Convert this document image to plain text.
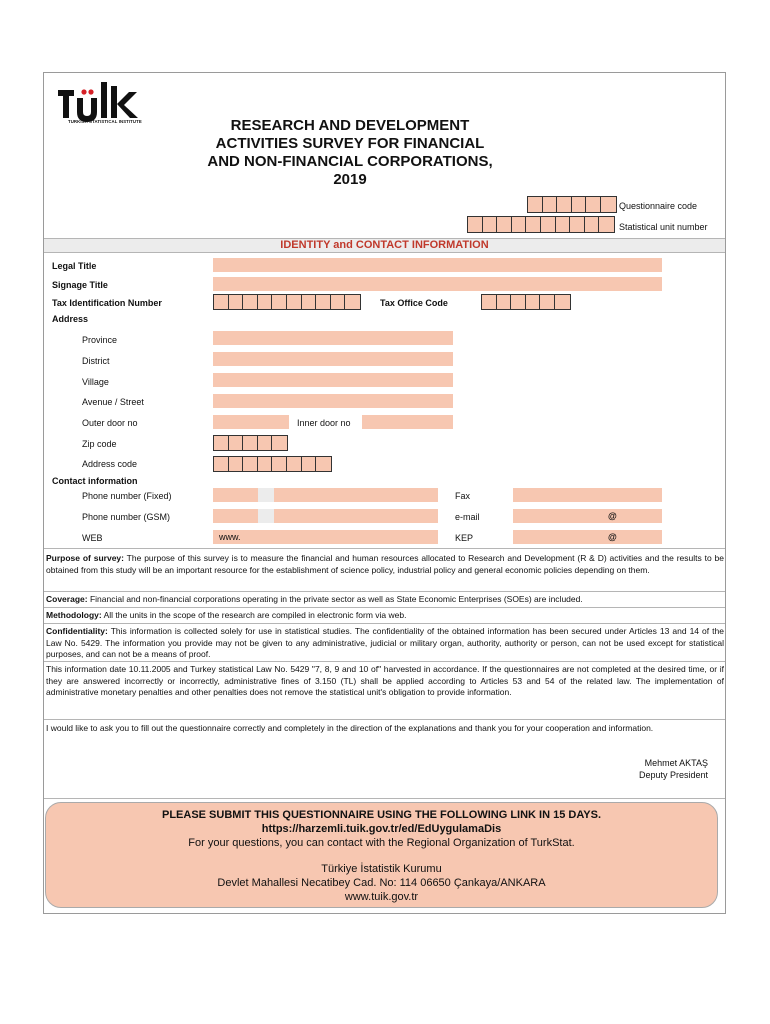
TURKISH STATISTICAL INSTITUTE	RESEARCH AND DEVELOPMENT
ACTIVITIES SURVEY FOR FINANCIAL
AND NON-FINANCIAL CORPORATIONS,
2019
Questionnaire code
Statistical unit number
IDENTITY and CONTACT INFORMATION
Legal Title
Signage Title
Tax Identification Number	Tax Office Code
Address
Province
District
Village
Avenue / Street
Outer door no	Inner door no
Zip code
Address code
Contact information
Phone number (Fixed)	Fax
Phone number (GSM)	e-mail	@
WEB	www.	KEP	@
Purpose of survey: The purpose of this survey is to measure the financial and human resources allocated to Research and Development (R & D) activities and the results to be obtained from this study will be an important resource for the establishment of science policy, industrial policy and general economic policies depending on them.
Coverage: Financial and non-financial corporations operating in the private sector as well as State Economic Enterprises (SOEs) are included.
Methodology: All the units in the scope of the research are compiled in electronic form via web.
Confidentiality: This information is collected solely for use in statistical studies. The confidentiality of the obtained information has been secured under Articles 13 and 14 of the Law No. 5429. The information you provide may not be given to any administrative, judicial or military organ, authority, authority or person, can not be used except for statistical purposes, and can not be a means of proof.
This information date 10.11.2005 and Turkey statistical Law No. 5429 "7, 8, 9 and 10 of" harvested in accordance. If the questionnaires are not completed at the desired time, or if they are answered incorrectly or incorrectly, administrative fines of 3.150 (TL) shall be applied according to Articles 53 and 54 of the related law. The implementation of administrative monetary penalties and other penalties does not remove the statistical unit's obligation to provide information.
I would like to ask you to fill out the questionnaire correctly and completely in the direction of the explanations and thank you for your cooperation and information.
Mehmet AKTAŞ
Deputy President
PLEASE SUBMIT THIS QUESTIONNAIRE USING THE FOLLOWING LINK IN 15 DAYS.
https://harzemli.tuik.gov.tr/ed/EdUygulamaDis
For your questions, you can contact with the Regional Organization of TurkStat.
Türkiye İstatistik Kurumu
Devlet Mahallesi Necatibey Cad. No: 114 06650 Çankaya/ANKARA
www.tuik.gov.tr
